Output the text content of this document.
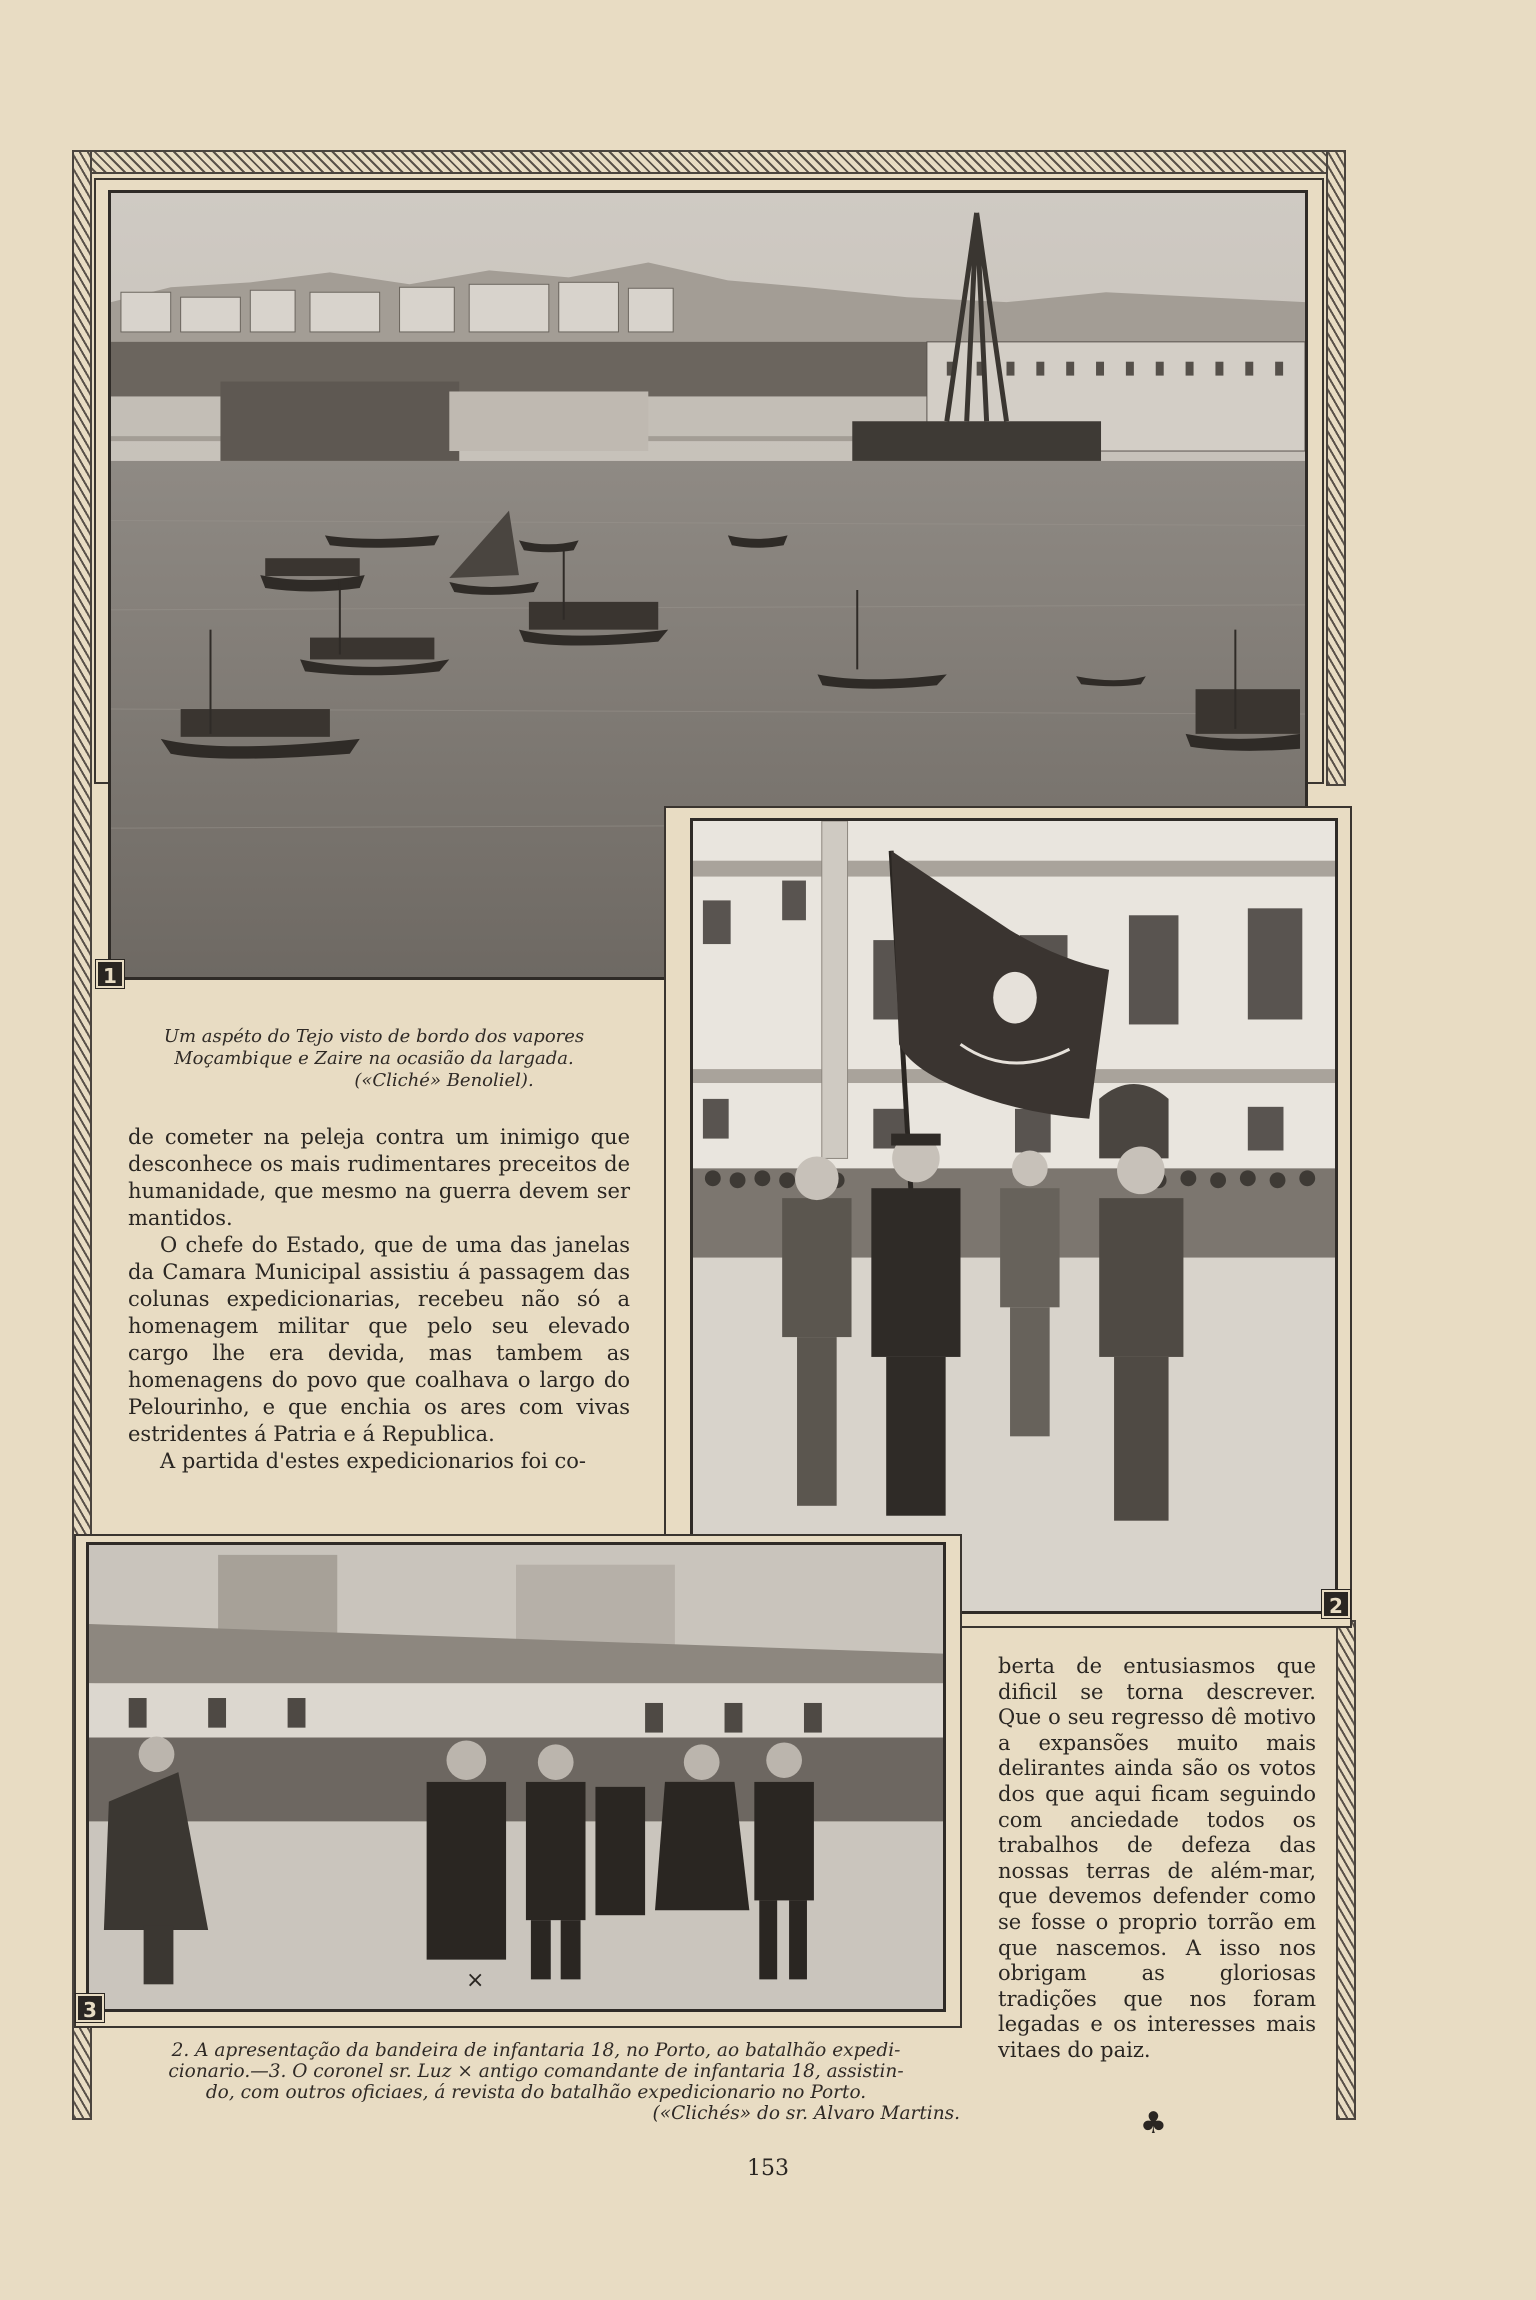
1
2
3
×
Um aspéto do Tejo visto de bordo dos vapores
Moçambique e Zaire na ocasião da largada.
(«Cliché» Benoliel).

de cometer na peleja contra um inimigo que desconhece os mais rudimentares preceitos de humanidade, que mesmo na guerra devem ser mantidos.

O chefe do Estado, que de uma das janelas da Camara Municipal assistiu á passagem das colunas expedicionarias, recebeu não só a homenagem militar que pelo seu elevado cargo lhe era devida, mas tambem as homenagens do povo que coalhava o largo do Pelourinho, e que enchia os ares com vivas estridentes á Patria e á Republica.

A partida d'estes expedicionarios foi co-

berta de entusiasmos que dificil se torna descrever. Que o seu regresso dê motivo a expansões muito mais delirantes ainda são os votos dos que aqui ficam seguindo com anciedade todos os trabalhos de defeza das nossas terras de além-mar, que devemos defender como se fosse o proprio torrão em que nascemos. A isso nos obrigam as gloriosas tradições que nos foram legadas e os interesses mais vitaes do paiz.

2. A apresentação da bandeira de infantaria 18, no Porto, ao batalhão expedi-
cionario.—3. O coronel sr. Luz × antigo comandante de infantaria 18, assistin-
do, com outros oficiaes, á revista do batalhão expedicionario no Porto.
(«Clichés» do sr. Alvaro Martins.
153
♣
